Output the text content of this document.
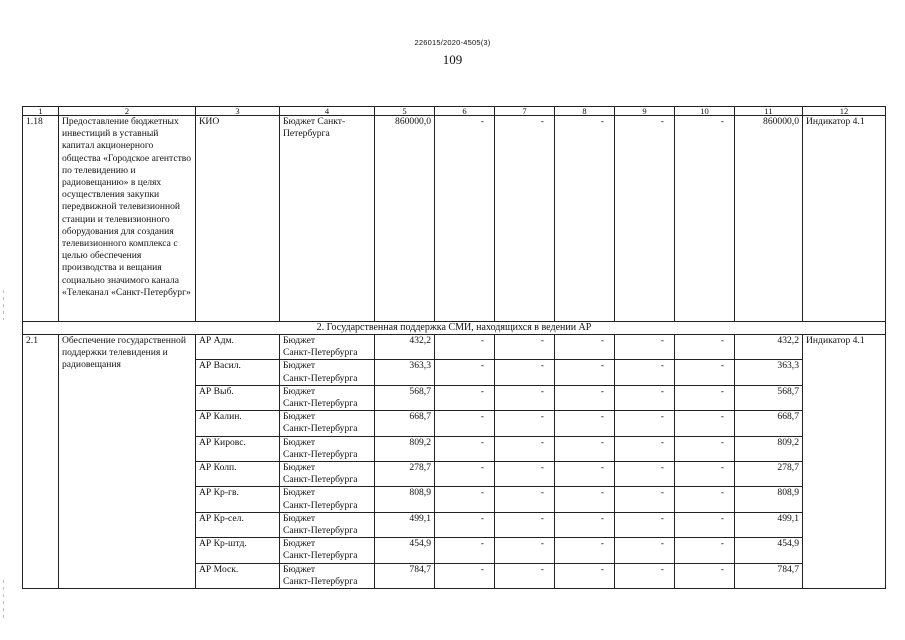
226015/2020-4505(3)
109
1	2	3	4	5	6	7	8	9	10	11	12
1.18	Предоставление бюджетных инвестиций в уставный капитал акционерного общества «Городское агентство по телевидению и радиовещанию» в целях осуществления закупки передвижной телевизионной станции и телевизионного оборудования для создания телевизионного комплекса с целью обеспечения производства и вещания социально значимого канала «Телеканал «Санкт-Петербург»	КИО	Бюджет Санкт-Петербурга	860000,0	-	-	-	-	-	860000,0	Индикатор 4.1
2. Государственная поддержка СМИ, находящихся в ведении АР											
2.1	Обеспечение государственной поддержки телевидения и радиовещания	АР Адм.	Бюджет
Санкт-Петербурга	432,2	-	-	-	-	-	432,2	Индикатор 4.1
		АР Васил.	Бюджет
Санкт-Петербурга	363,3	-	-	-	-	-	363,3	
		АР Выб.	Бюджет
Санкт-Петербурга	568,7	-	-	-	-	-	568,7	
		АР Калин.	Бюджет
Санкт-Петербурга	668,7	-	-	-	-	-	668,7	
		АР Кировс.	Бюджет
Санкт-Петербурга	809,2	-	-	-	-	-	809,2	
		АР Колп.	Бюджет
Санкт-Петербурга	278,7	-	-	-	-	-	278,7	
		АР Кр-гв.	Бюджет
Санкт-Петербурга	808,9	-	-	-	-	-	808,9	
		АР Кр-сел.	Бюджет
Санкт-Петербурга	499,1	-	-	-	-	-	499,1	
		АР Кр-штд.	Бюджет
Санкт-Петербурга	454,9	-	-	-	-	-	454,9	
		АР Моск.	Бюджет
Санкт-Петербурга	784,7	-	-	-	-	-	784,7	
